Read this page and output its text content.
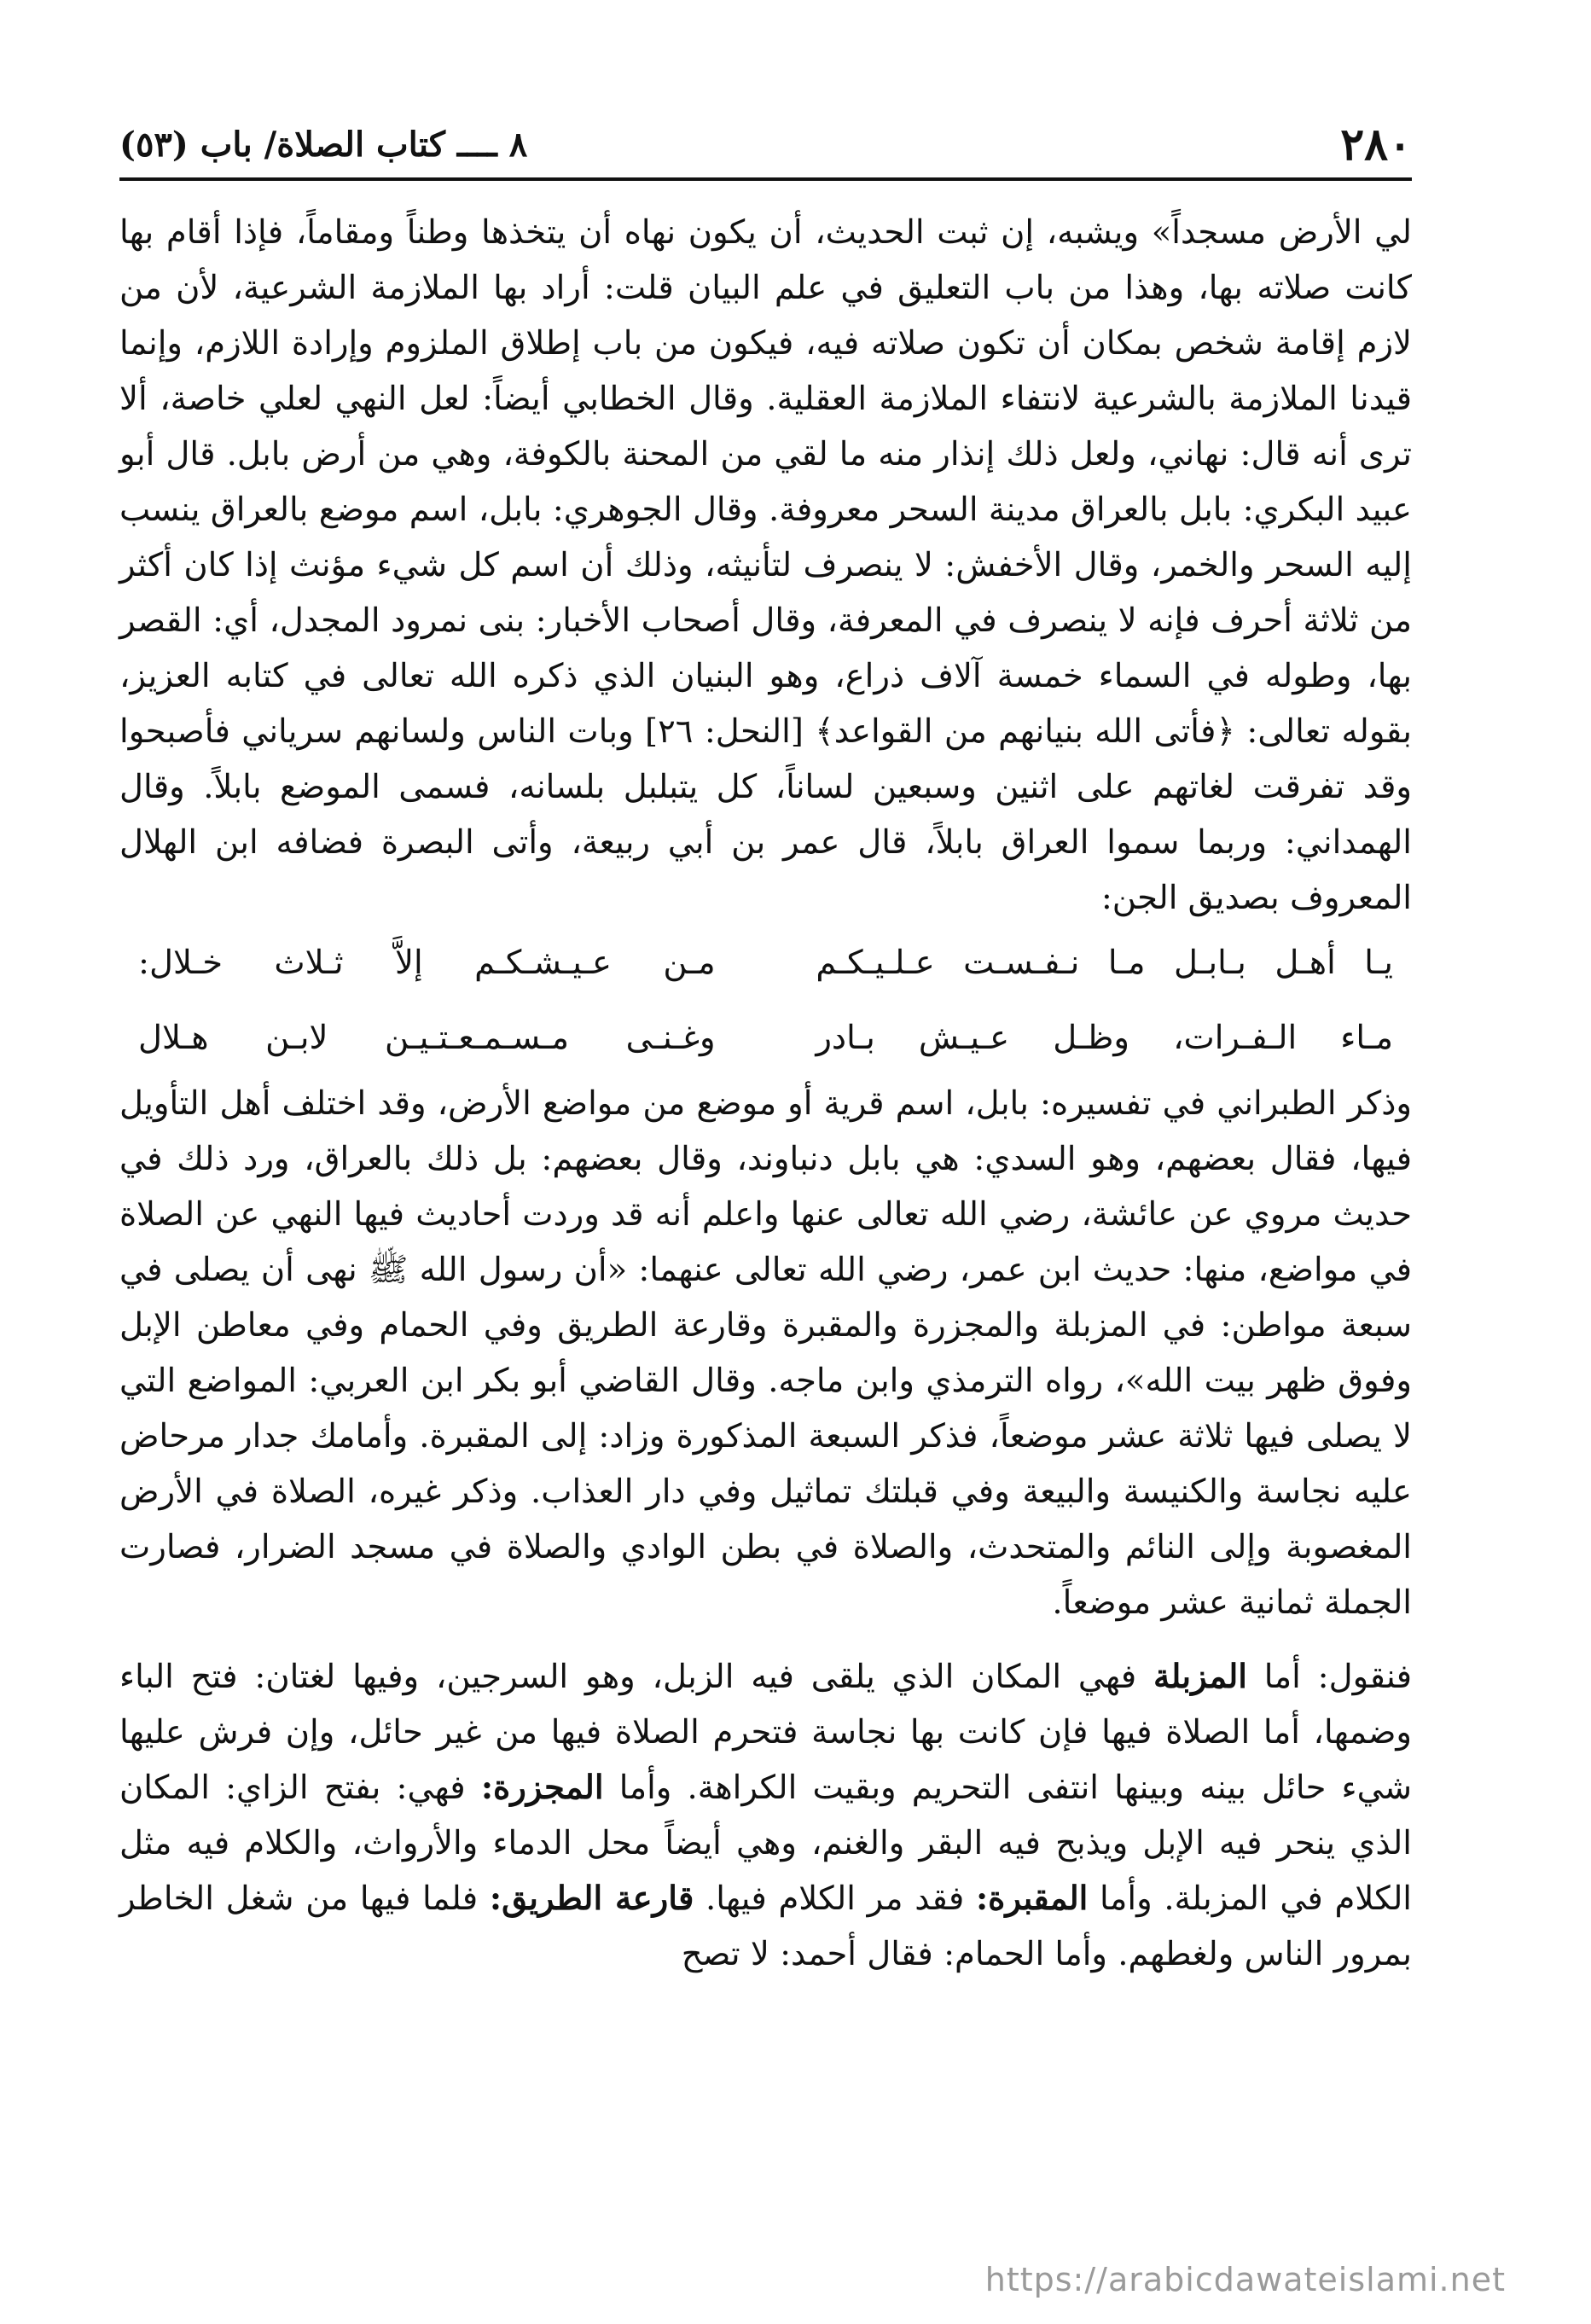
٢٨٠
٨ ــــ كتاب الصلاة/ باب (٥٣)

لي الأرض مسجداً» ويشبه، إن ثبت الحديث، أن يكون نهاه أن يتخذها وطناً ومقاماً، فإذا أقام بها كانت صلاته بها، وهذا من باب التعليق في علم البيان قلت: أراد بها الملازمة الشرعية، لأن من لازم إقامة شخص بمكان أن تكون صلاته فيه، فيكون من باب إطلاق الملزوم وإرادة اللازم، وإنما قيدنا الملازمة بالشرعية لانتفاء الملازمة العقلية. وقال الخطابي أيضاً: لعل النهي لعلي خاصة، ألا ترى أنه قال: نهاني، ولعل ذلك إنذار منه ما لقي من المحنة بالكوفة، وهي من أرض بابل. قال أبو عبيد البكري: بابل بالعراق مدينة السحر معروفة. وقال الجوهري: بابل، اسم موضع بالعراق ينسب إليه السحر والخمر، وقال الأخفش: لا ينصرف لتأنيثه، وذلك أن اسم كل شيء مؤنث إذا كان أكثر من ثلاثة أحرف فإنه لا ينصرف في المعرفة، وقال أصحاب الأخبار: بنى نمرود المجدل، أي: القصر بها، وطوله في السماء خمسة آلاف ذراع، وهو البنيان الذي ذكره الله تعالى في كتابه العزيز، بقوله تعالى: ﴿فأتى الله بنيانهم من القواعد﴾ [النحل: ٢٦] وبات الناس ولسانهم سرياني فأصبحوا وقد تفرقت لغاتهم على اثنين وسبعين لساناً، كل يتبلبل بلسانه، فسمى الموضع بابلاً. وقال الهمداني: وربما سموا العراق بابلاً، قال عمر بن أبي ربيعة، وأتى البصرة فضافه ابن الهلال المعروف بصديق الجن:

يـا أهـل بـابـل مـا نـفـسـت عـلـيـكـم
مـن عـيـشـكـم إلاَّ ثـلاث خـلال:
مـاء الـفـرات، وظـل عـيـش بـادر
وغـنـى مـسـمـعـتـيـن لابـن هـلال

وذكر الطبراني في تفسيره: بابل، اسم قرية أو موضع من مواضع الأرض، وقد اختلف أهل التأويل فيها، فقال بعضهم، وهو السدي: هي بابل دنباوند، وقال بعضهم: بل ذلك بالعراق، ورد ذلك في حديث مروي عن عائشة، رضي الله تعالى عنها واعلم أنه قد وردت أحاديث فيها النهي عن الصلاة في مواضع، منها: حديث ابن عمر، رضي الله تعالى عنهما: «أن رسول الله ﷺ نهى أن يصلى في سبعة مواطن: في المزبلة والمجزرة والمقبرة وقارعة الطريق وفي الحمام وفي معاطن الإبل وفوق ظهر بيت الله»، رواه الترمذي وابن ماجه. وقال القاضي أبو بكر ابن العربي: المواضع التي لا يصلى فيها ثلاثة عشر موضعاً، فذكر السبعة المذكورة وزاد: إلى المقبرة. وأمامك جدار مرحاض عليه نجاسة والكنيسة والبيعة وفي قبلتك تماثيل وفي دار العذاب. وذكر غيره، الصلاة في الأرض المغصوبة وإلى النائم والمتحدث، والصلاة في بطن الوادي والصلاة في مسجد الضرار، فصارت الجملة ثمانية عشر موضعاً.

فنقول: أما المزبلة فهي المكان الذي يلقى فيه الزبل، وهو السرجين، وفيها لغتان: فتح الباء وضمها، أما الصلاة فيها فإن كانت بها نجاسة فتحرم الصلاة فيها من غير حائل، وإن فرش عليها شيء حائل بينه وبينها انتفى التحريم وبقيت الكراهة. وأما المجزرة: فهي: بفتح الزاي: المكان الذي ينحر فيه الإبل ويذبح فيه البقر والغنم، وهي أيضاً محل الدماء والأرواث، والكلام فيه مثل الكلام في المزبلة. وأما المقبرة: فقد مر الكلام فيها. قارعة الطريق: فلما فيها من شغل الخاطر بمرور الناس ولغطهم. وأما الحمام: فقال أحمد: لا تصح

https://arabicdawateislami.net
